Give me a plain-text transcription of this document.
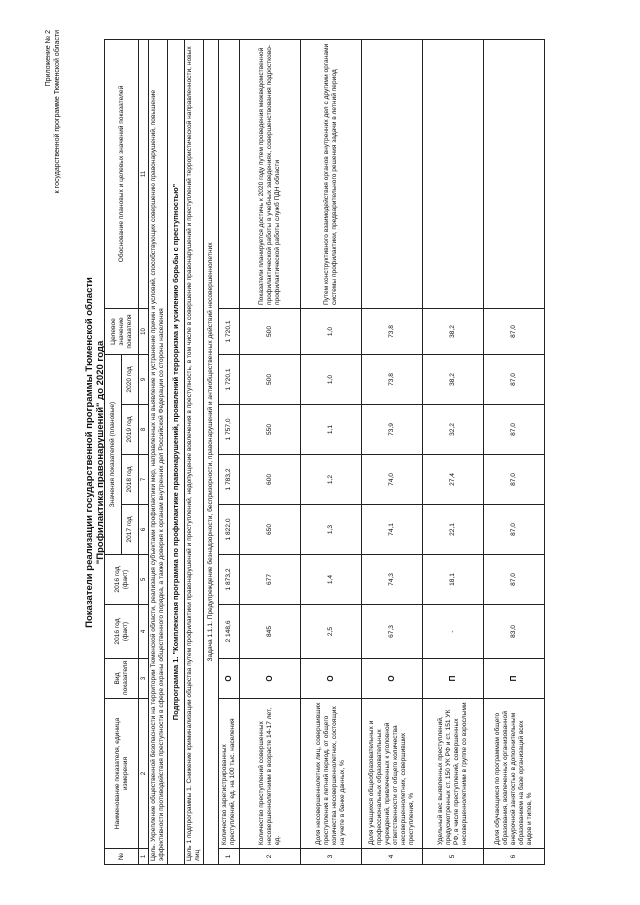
Приложение № 2 к государственной программе Тюменской области
Показатели реализации государственной программы Тюменской области "Профилактика правонарушений" до 2020 года
№	Наименование показателя, единица измерения	Вид показателя	2016 год (факт)	2016 год (факт)	Значения показателей (плановые)				Целевое значение показателя	Обоснование плановых и целевых значений показателей
					2017 год	2018 год	2019 год	2020 год		
1	2	3	4	5	6	7	8	9	10	11
Цель. Укрепление общественной безопасности на территории Тюменской области, реализация субъектами профилактики мер, направленных на выявление и устранение причин и условий, способствующих совершению правонарушений, повышение эффективности противодействия преступности в сфере охраны общественного порядка, а также доверия к органам внутренних дел Российской Федерации со стороны населения										
Подпрограмма 1. "Комплексная программа по профилактике правонарушений, проявлений терроризма и усилению борьбы с преступностью"										
Цель 1 подпрограммы 1. Снижение криминализации общества путем профилактики правонарушений и преступлений, недопущение вовлечения в преступность, в том числе в совершение правонарушений и преступлений террористической направленности, новых лиц										
Задача 1.1.1. Предупреждение безнадзорности, беспризорности, правонарушений и антиобщественных действий несовершеннолетних										
1	Количество зарегистрированных преступлений, ед. на 100 тыс. населения	О	2 148,6	1 873,2	1 822,0	1 783,2	1 757,0	1 720,1	1 720,1	
2	Количество преступлений совершенных несовершеннолетними в возрасте 14-17 лет, ед.	О	845	677	650	600	550	500	500	Показатели планируется достичь к 2020 году путем проведения межведомственной профилактической работы в учебных заведениях, совершенствования подростково-профилактической работы служб ПДН области
3	Доля несовершеннолетних лиц, совершивших преступления в летний период, от общего количества несовершеннолетних, состоящих на учете в банке данных, %	О	2,5	1,4	1,3	1,2	1,1	1,0	1,0	Путем конструктивного взаимодействия органов внутренних дел с другими органами системы профилактики, предварительного решения задачи в летний период
4	Доля учащихся общеобразовательных и профессиональных образовательных учреждений, привлеченных к уголовной ответственности от общего количества несовершеннолетних, совершивших преступления, %	О	67,3	74,3	74,1	74,0	73,9	73,8	73,8	
5	Удельный вес выявленных преступлений, предусмотренных ст. 150 УК РФ и ст. 151 УК РФ, в числе преступлений, совершенных несовершеннолетними в группе со взрослыми	П	-	18,1	22,1	27,4	32,2	38,2	38,2	
6	Доля обучающихся по программам общего образования, вовлеченных организованной внеурочной занятостью в дополнительным образованием на базе организаций всех видов и типов, %	П	83,0	87,0	87,0	87,0	87,0	87,0	87,0	
